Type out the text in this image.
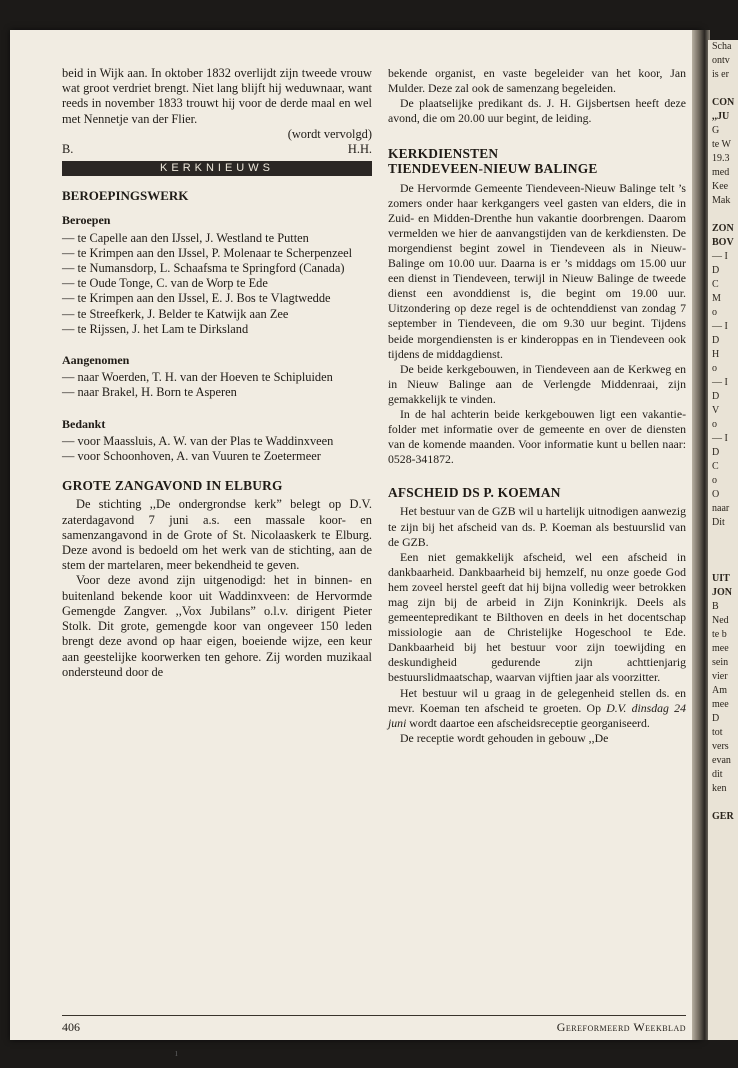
beid in Wijk aan. In oktober 1832 overlijdt zijn tweede vrouw wat groot verdriet brengt. Niet lang blijft hij weduwnaar, want reeds in november 1833 trouwt hij voor de derde maal en wel met Nennetje van der Flier.

(wordt vervolgd)

B.	H.H.
KERKNIEUWS
BEROEPINGSWERK
Beroepen
— te Capelle aan den IJssel, J. Westland te Putten
— te Krimpen aan den IJssel, P. Molenaar te Scherpenzeel
— te Numansdorp, L. Schaafsma te Springford (Canada)
— te Oude Tonge, C. van de Worp te Ede
— te Krimpen aan den IJssel, E. J. Bos te Vlagtwedde
— te Streefkerk, J. Belder te Katwijk aan Zee
— te Rijssen, J. het Lam te Dirksland
Aangenomen
— naar Woerden, T. H. van der Hoeven te Schipluiden
— naar Brakel, H. Born te Asperen
Bedankt
— voor Maassluis, A. W. van der Plas te Waddinxveen
— voor Schoonhoven, A. van Vuuren te Zoetermeer
GROTE ZANGAVOND IN ELBURG

De stichting ,,De ondergrondse kerk” belegt op D.V. zaterdagavond 7 juni a.s. een massale koor- en samenzangavond in de Grote of St. Nicolaaskerk te Elburg. Deze avond is bedoeld om het werk van de stichting, aan de stem der martelaren, meer bekendheid te geven.

Voor deze avond zijn uitgenodigd: het in binnen- en buitenland bekende koor uit Waddinxveen: de Hervormde Gemengde Zangver. ,,Vox Jubilans” o.l.v. dirigent Pieter Stolk. Dit grote, gemengde koor van ongeveer 150 leden brengt deze avond op haar eigen, boeiende wijze, een keur aan geestelijke koorwerken ten gehore. Zij worden muzikaal ondersteund door de

bekende organist, en vaste begeleider van het koor, Jan Mulder. Deze zal ook de samenzang begeleiden.

De plaatselijke predikant ds. J. H. Gijsbertsen heeft deze avond, die om 20.00 uur begint, de leiding.

KERKDIENSTEN
TIENDEVEEN-NIEUW BALINGE

De Hervormde Gemeente Tiendeveen-Nieuw Balinge telt ’s zomers onder haar kerkgangers veel gasten van elders, die in Zuid- en Midden-Drenthe hun vakantie doorbrengen. Daarom vermelden we hier de aanvangstijden van de kerkdiensten. De morgendienst begint zowel in Tiendeveen als in Nieuw-Balinge om 10.00 uur. Daarna is er ’s middags om 15.00 uur een dienst in Tiendeveen, terwijl in Nieuw Balinge de tweede dienst een avonddienst is, die begint om 19.00 uur. Uitzondering op deze regel is de ochtenddienst van zondag 7 september in Tiendeveen, die om 9.30 uur begint. Tijdens beide morgendiensten is er kinderoppas en in Tiendeveen ook tijdens de middagdienst.

De beide kerkgebouwen, in Tiendeveen aan de Kerkweg en in Nieuw Balinge aan de Verlengde Middenraai, zijn gemakkelijk te vinden.

In de hal achterin beide kerkgebouwen ligt een vakantie-folder met informatie over de gemeente en over de diensten van de komende maanden. Voor informatie kunt u bellen naar: 0528-341872.

AFSCHEID DS P. KOEMAN

Het bestuur van de GZB wil u hartelijk uitnodigen aanwezig te zijn bij het afscheid van ds. P. Koeman als bestuurslid van de GZB.

Een niet gemakkelijk afscheid, wel een afscheid in dankbaarheid. Dankbaarheid bij hemzelf, nu onze goede God hem zoveel herstel geeft dat hij bijna volledig weer betrokken mag zijn bij de arbeid in Zijn Koninkrijk. Deels als gemeentepredikant te Bilthoven en deels in het docentschap missiologie aan de Christelijke Hogeschool te Ede. Dankbaarheid bij het bestuur voor zijn toewijding en deskundigheid gedurende zijn achttienjarig bestuurslidmaatschap, waarvan vijftien jaar als voorzitter.

Het bestuur wil u graag in de gelegenheid stellen ds. en mevr. Koeman ten afscheid te groeten. Op D.V. dinsdag 24 juni wordt daartoe een afscheidsreceptie georganiseerd.

De receptie wordt gehouden in gebouw ,,De

406	Gereformeerd Weekblad
Scha
ontv
is er

CON
,,JU
G
te W
19.3
med
Kee
Mak

ZON
BOV
— I
D
C
M
o
— I
D
H
o
— I
D
V
o
— I
D
C
o
O
naar
Dit

UIT
JON
B
Ned
te b
mee
sein
vier
Am
mee
D
tot
vers
evan
dit
ken

GER
ı
